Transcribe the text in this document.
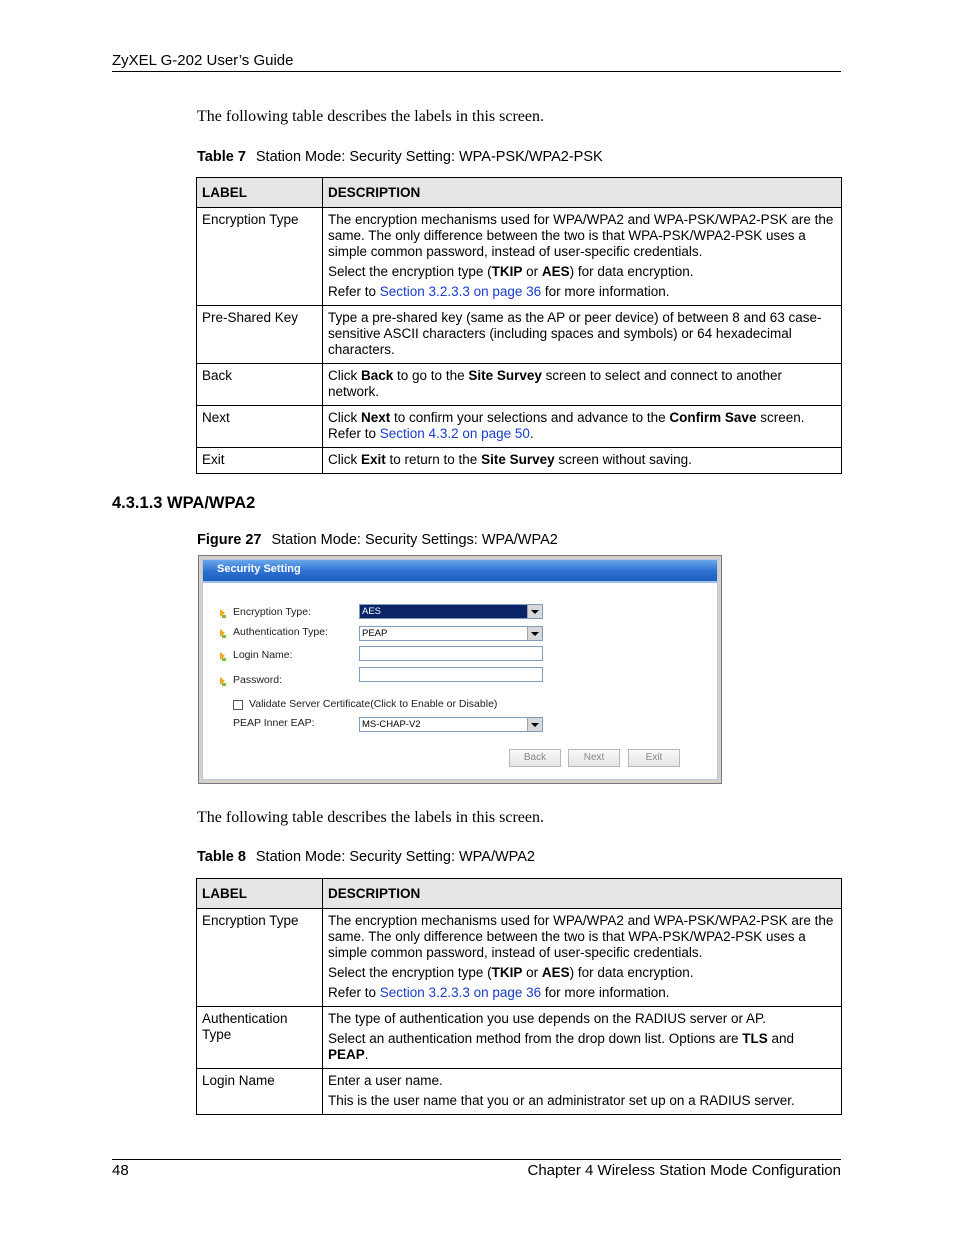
ZyXEL G-202 User’s Guide
The following table describes the labels in this screen.
Table 7 Station Mode: Security Setting: WPA-PSK/WPA2-PSK
LABEL	DESCRIPTION
Encryption Type	The encryption mechanisms used for WPA/WPA2 and WPA-PSK/WPA2-PSK are the same. The only difference between the two is that WPA-PSK/WPA2-PSK uses a simple common password, instead of user-specific credentials.

Select the encryption type (TKIP or AES) for data encryption.

Refer to Section 3.2.3.3 on page 36 for more information.

Pre-Shared Key	Type a pre-shared key (same as the AP or peer device) of between 8 and 63 case-sensitive ASCII characters (including spaces and symbols) or 64 hexadecimal characters.

Back	Click Back to go to the Site Survey screen to select and connect to another network.

Next	Click Next to confirm your selections and advance to the Confirm Save screen. Refer to Section 4.3.2 on page 50.

Exit	Click Exit to return to the Site Survey screen without saving.

4.3.1.3 WPA/WPA2
Figure 27 Station Mode: Security Settings: WPA/WPA2
Security Setting
Encryption Type:	AES
Authentication Type:	PEAP
Login Name:
Password:
Validate Server Certificate(Click to Enable or Disable)
PEAP Inner EAP:	MS-CHAP-V2
Back	Next	Exit
The following table describes the labels in this screen.
Table 8 Station Mode: Security Setting: WPA/WPA2
LABEL	DESCRIPTION
Encryption Type	The encryption mechanisms used for WPA/WPA2 and WPA-PSK/WPA2-PSK are the same. The only difference between the two is that WPA-PSK/WPA2-PSK uses a simple common password, instead of user-specific credentials.

Select the encryption type (TKIP or AES) for data encryption.

Refer to Section 3.2.3.3 on page 36 for more information.

Authentication Type	The type of authentication you use depends on the RADIUS server or AP.

Select an authentication method from the drop down list. Options are TLS and PEAP.

Login Name	Enter a user name.

This is the user name that you or an administrator set up on a RADIUS server.

48	Chapter 4 Wireless Station Mode Configuration
